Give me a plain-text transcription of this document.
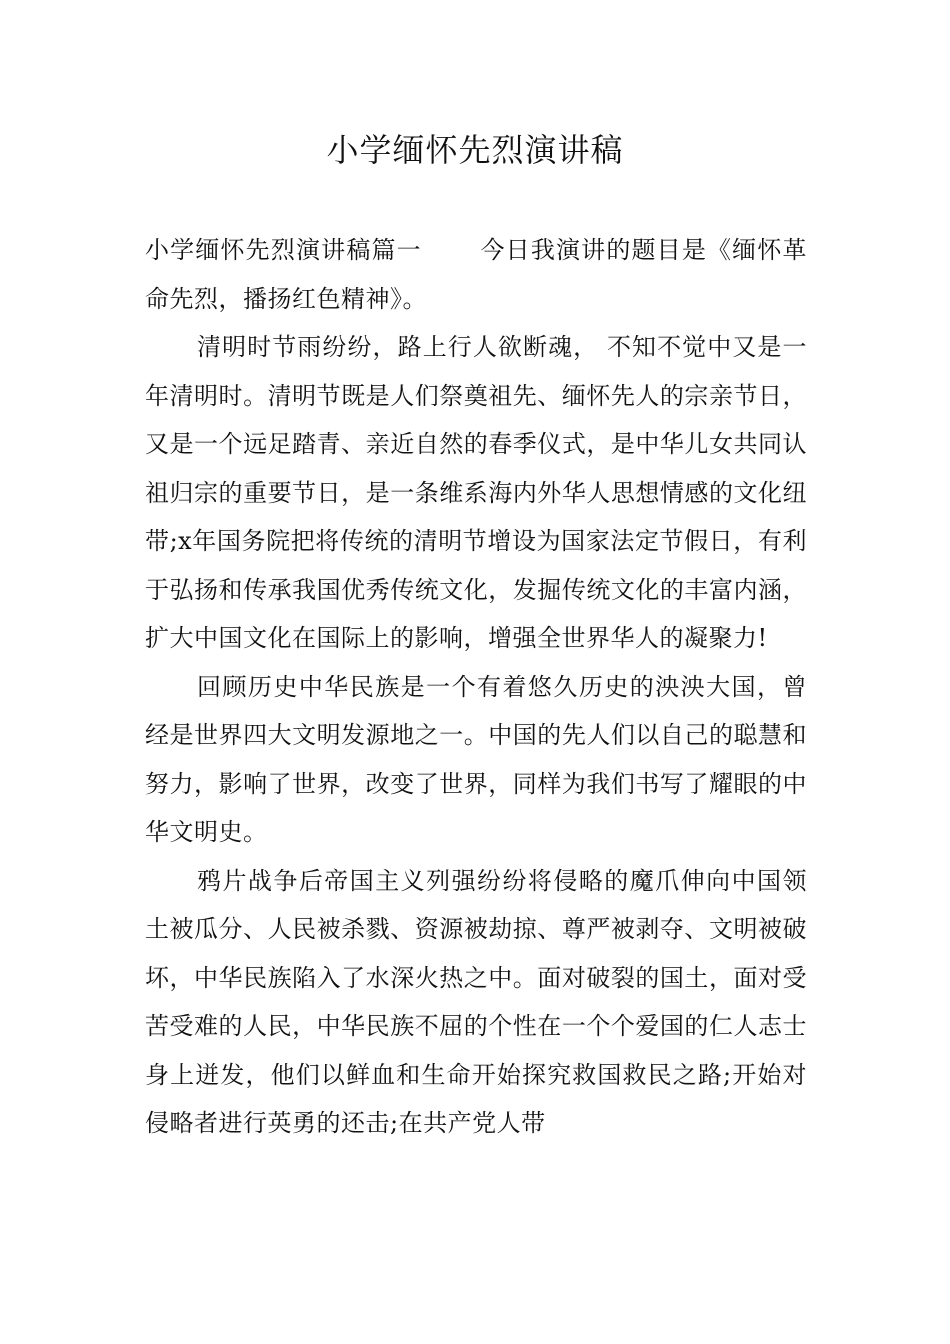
小学缅怀先烈演讲稿

小学缅怀先烈演讲稿篇一 今日我演讲的题目是《缅怀革命先烈，播扬红色精神》。

清明时节雨纷纷，路上行人欲断魂， 不知不觉中又是一年清明时。清明节既是人们祭奠祖先、缅怀先人的宗亲节日，又是一个远足踏青、亲近自然的春季仪式，是中华儿女共同认祖归宗的重要节日，是一条维系海内外华人思想情感的文化纽带;x年国务院把将传统的清明节增设为国家法定节假日，有利于弘扬和传承我国优秀传统文化，发掘传统文化的丰富内涵，扩大中国文化在国际上的影响，增强全世界华人的凝聚力!

回顾历史中华民族是一个有着悠久历史的泱泱大国，曾经是世界四大文明发源地之一。中国的先人们以自己的聪慧和努力，影响了世界，改变了世界，同样为我们书写了耀眼的中华文明史。

鸦片战争后帝国主义列强纷纷将侵略的魔爪伸向中国领土被瓜分、人民被杀戮、资源被劫掠、尊严被剥夺、文明被破坏，中华民族陷入了水深火热之中。面对破裂的国土，面对受苦受难的人民，中华民族不屈的个性在一个个爱国的仁人志士身上迸发，他们以鲜血和生命开始探究救国救民之路;开始对侵略者进行英勇的还击;在共产党人带
